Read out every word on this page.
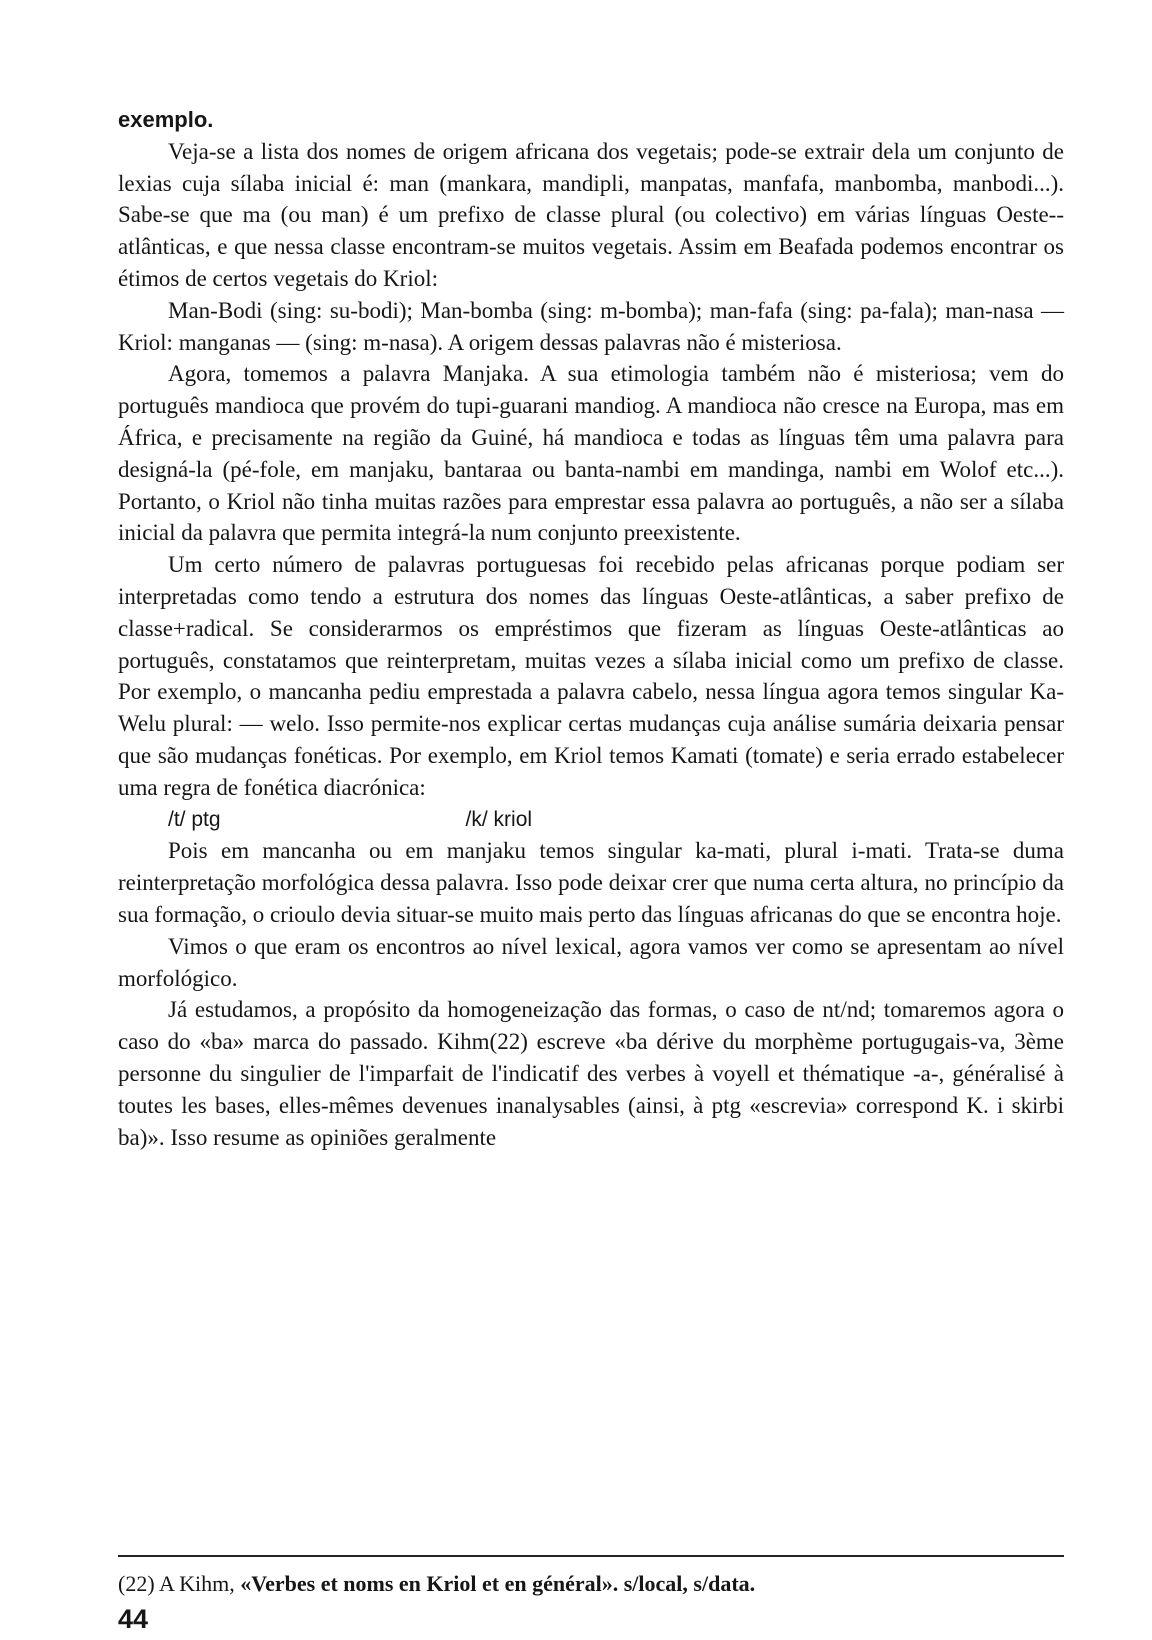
exemplo.

Veja-se a lista dos nomes de origem africana dos vegetais; pode-se extrair dela um conjunto de lexias cuja sílaba inicial é: man (mankara, mandipli, manpatas, manfafa, manbomba, manbodi...). Sabe-se que ma (ou man) é um prefixo de classe plural (ou colectivo) em várias línguas Oeste--atlânticas, e que nessa classe encontram-se muitos vegetais. Assim em Beafada podemos encontrar os étimos de certos vegetais do Kriol:

Man-Bodi (sing: su-bodi); Man-bomba (sing: m-bomba); man-fafa (sing: pa-fala); man-nasa — Kriol: manganas — (sing: m-nasa). A origem dessas palavras não é misteriosa.

Agora, tomemos a palavra Manjaka. A sua etimologia também não é misteriosa; vem do português mandioca que provém do tupi-guarani mandiog. A mandioca não cresce na Europa, mas em África, e precisamente na região da Guiné, há mandioca e todas as línguas têm uma palavra para designá-la (pé-fole, em manjaku, bantaraa ou banta-nambi em mandinga, nambi em Wolof etc...). Portanto, o Kriol não tinha muitas razões para emprestar essa palavra ao português, a não ser a sílaba inicial da palavra que permita integrá-la num conjunto preexistente.

Um certo número de palavras portuguesas foi recebido pelas africanas porque podiam ser interpretadas como tendo a estrutura dos nomes das línguas Oeste-atlânticas, a saber prefixo de classe+radical. Se considerarmos os empréstimos que fizeram as línguas Oeste-atlânticas ao português, constatamos que reinterpretam, muitas vezes a sílaba inicial como um prefixo de classe. Por exemplo, o mancanha pediu emprestada a palavra cabelo, nessa língua agora temos singular Ka-Welu plural: — welo. Isso permite-nos explicar certas mudanças cuja análise sumária deixaria pensar que são mudanças fonéticas. Por exemplo, em Kriol temos Kamati (tomate) e seria errado estabelecer uma regra de fonética diacrónica:

/t/ ptg	/k/ kriol

Pois em mancanha ou em manjaku temos singular ka-mati, plural i-mati. Trata-se duma reinterpretação morfológica dessa palavra. Isso pode deixar crer que numa certa altura, no princípio da sua formação, o crioulo devia situar-se muito mais perto das línguas africanas do que se encontra hoje.

Vimos o que eram os encontros ao nível lexical, agora vamos ver como se apresentam ao nível morfológico.

Já estudamos, a propósito da homogeneização das formas, o caso de nt/nd; tomaremos agora o caso do «ba» marca do passado. Kihm(22) escreve «ba dérive du morphème portugugais-va, 3ème personne du singulier de l'imparfait de l'indicatif des verbes à voyell et thématique -a-, généralisé à toutes les bases, elles-mêmes devenues inanalysables (ainsi, à ptg «escrevia» correspond K. i skirbi ba)». Isso resume as opiniões geralmente

(22) A Kihm, «Verbes et noms en Kriol et en général». s/local, s/data.

44
